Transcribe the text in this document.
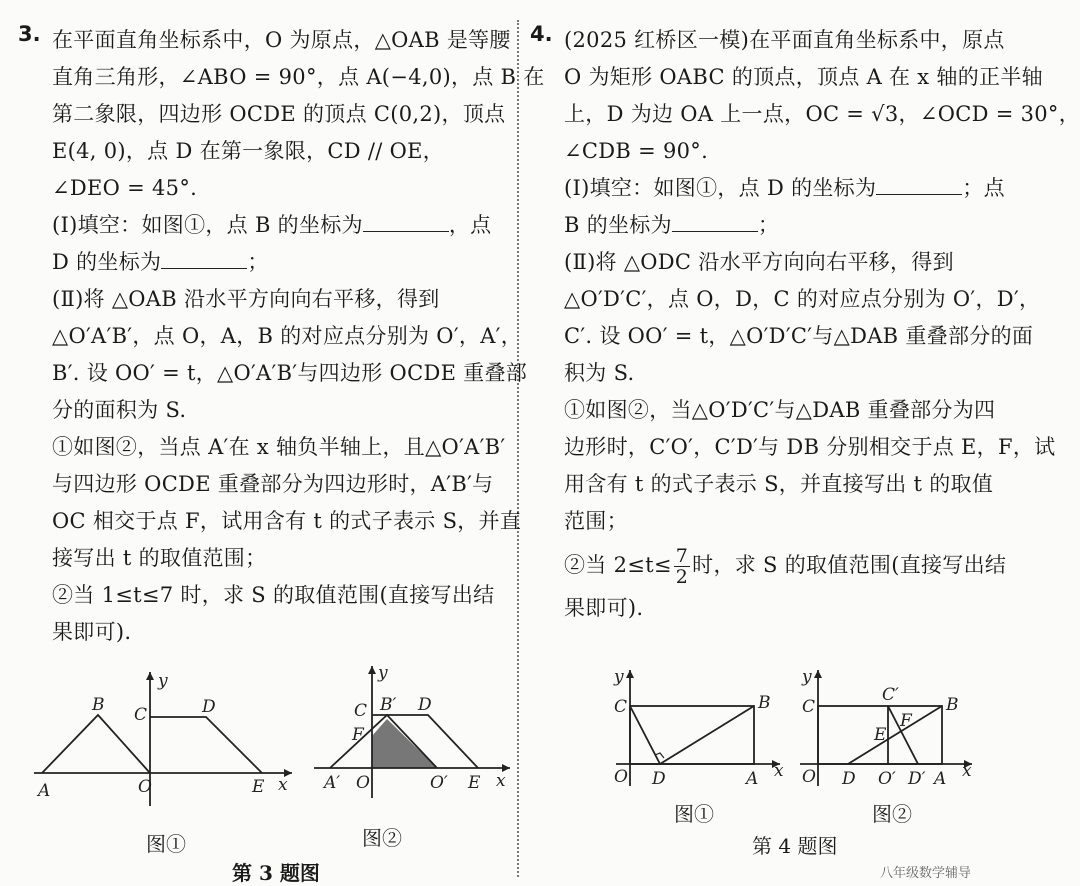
3. 在平面直角坐标系中，O 为原点，△OAB 是等腰
直角三角形，∠ABO = 90°，点 A(−4,0)，点 B 在
第二象限，四边形 OCDE 的顶点 C(0,2)，顶点
E(4, 0)，点 D 在第一象限，CD // OE，
∠DEO = 45°.
(Ⅰ)填空：如图①，点 B 的坐标为	，点
D 的坐标为	；
(Ⅱ)将 △OAB 沿水平方向向右平移，得到
△O′A′B′，点 O，A，B 的对应点分别为 O′，A′，
B′. 设 OO′ = t，△O′A′B′与四边形 OCDE 重叠部
分的面积为 S.
①如图②，当点 A′在 x 轴负半轴上，且△O′A′B′
与四边形 OCDE 重叠部分为四边形时，A′B′与
OC 相交于点 F，试用含有 t 的式子表示 S，并直
接写出 t 的取值范围；
②当 1≤t≤7 时，求 S 的取值范围(直接写出结
果即可).
4. (2025 红桥区一模)在平面直角坐标系中，原点
O 为矩形 OABC 的顶点，顶点 A 在 x 轴的正半轴
上，D 为边 OA 上一点，OC = √3，∠OCD = 30°，
∠CDB = 90°.
(Ⅰ)填空：如图①，点 D 的坐标为	；点
B 的坐标为	；
(Ⅱ)将 △ODC 沿水平方向向右平移，得到
△O′D′C′，点 O，D，C 的对应点分别为 O′，D′，
C′. 设 OO′ = t，△O′D′C′与△DAB 重叠部分的面
积为 S.
①如图②，当△O′D′C′与△DAB 重叠部分为四
边形时，C′O′，C′D′与 DB 分别相交于点 E，F，试
用含有 t 的式子表示 S，并直接写出 t 的取值
范围；
②当 $2\le t\le \frac{7}{2}$ 时，求 S 的取值范围(直接写出结
果即可).
y
x
A
B C	D
O	E
图①
y
x
A′
B′
C	D
F
O	O′ E
图②
第 3 题图
y
x
C	B
O D	A
图①
y
x
C
C′	B
E
F
O D O′ D′ A
图②
第 4 题图
八年级数学辅导
